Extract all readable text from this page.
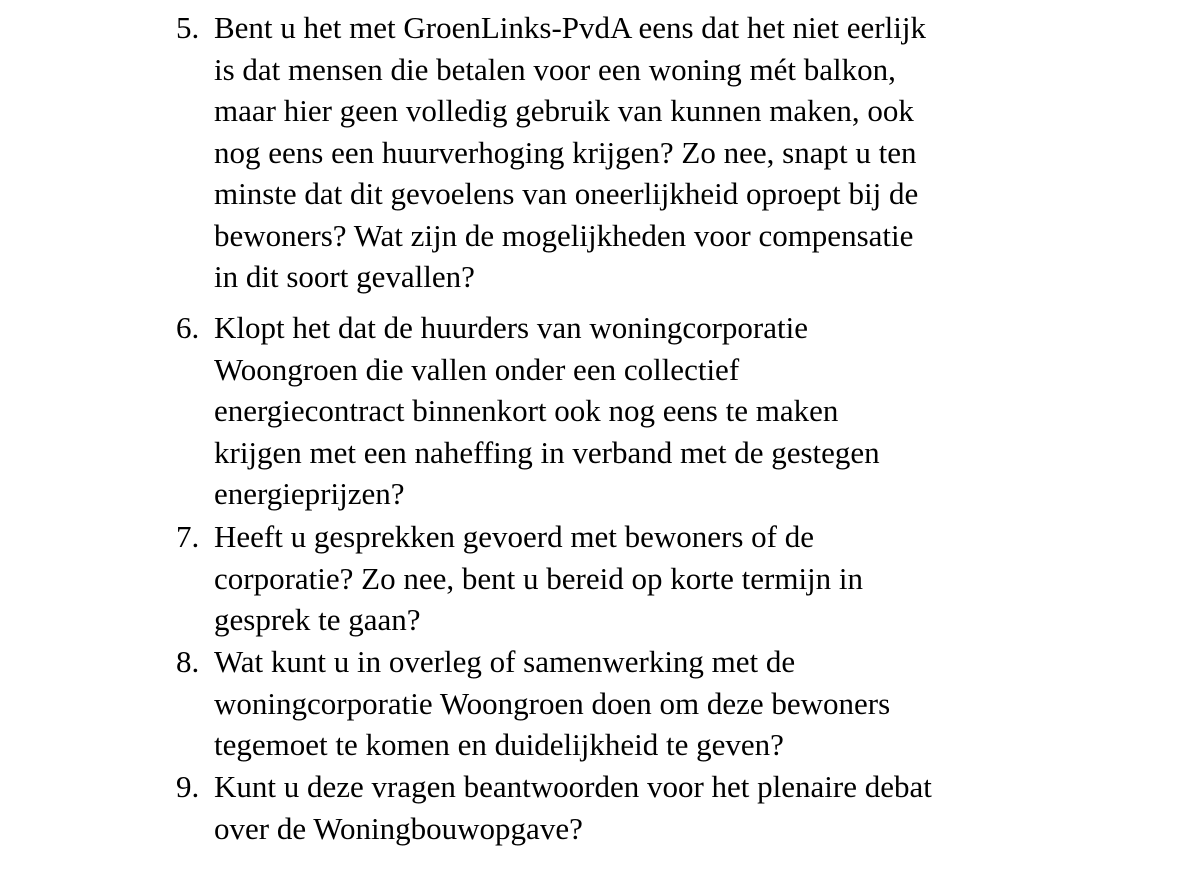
5. Bent u het met GroenLinks-PvdA eens dat het niet eerlijk
is dat mensen die betalen voor een woning mét balkon,
maar hier geen volledig gebruik van kunnen maken, ook
nog eens een huurverhoging krijgen? Zo nee, snapt u ten
minste dat dit gevoelens van oneerlijkheid oproept bij de
bewoners? Wat zijn de mogelijkheden voor compensatie
in dit soort gevallen?
6. Klopt het dat de huurders van woningcorporatie
Woongroen die vallen onder een collectief
energiecontract binnenkort ook nog eens te maken
krijgen met een naheffing in verband met de gestegen
energieprijzen?
7. Heeft u gesprekken gevoerd met bewoners of de
corporatie? Zo nee, bent u bereid op korte termijn in
gesprek te gaan?
8. Wat kunt u in overleg of samenwerking met de
woningcorporatie Woongroen doen om deze bewoners
tegemoet te komen en duidelijkheid te geven?
9. Kunt u deze vragen beantwoorden voor het plenaire debat
over de Woningbouwopgave?
